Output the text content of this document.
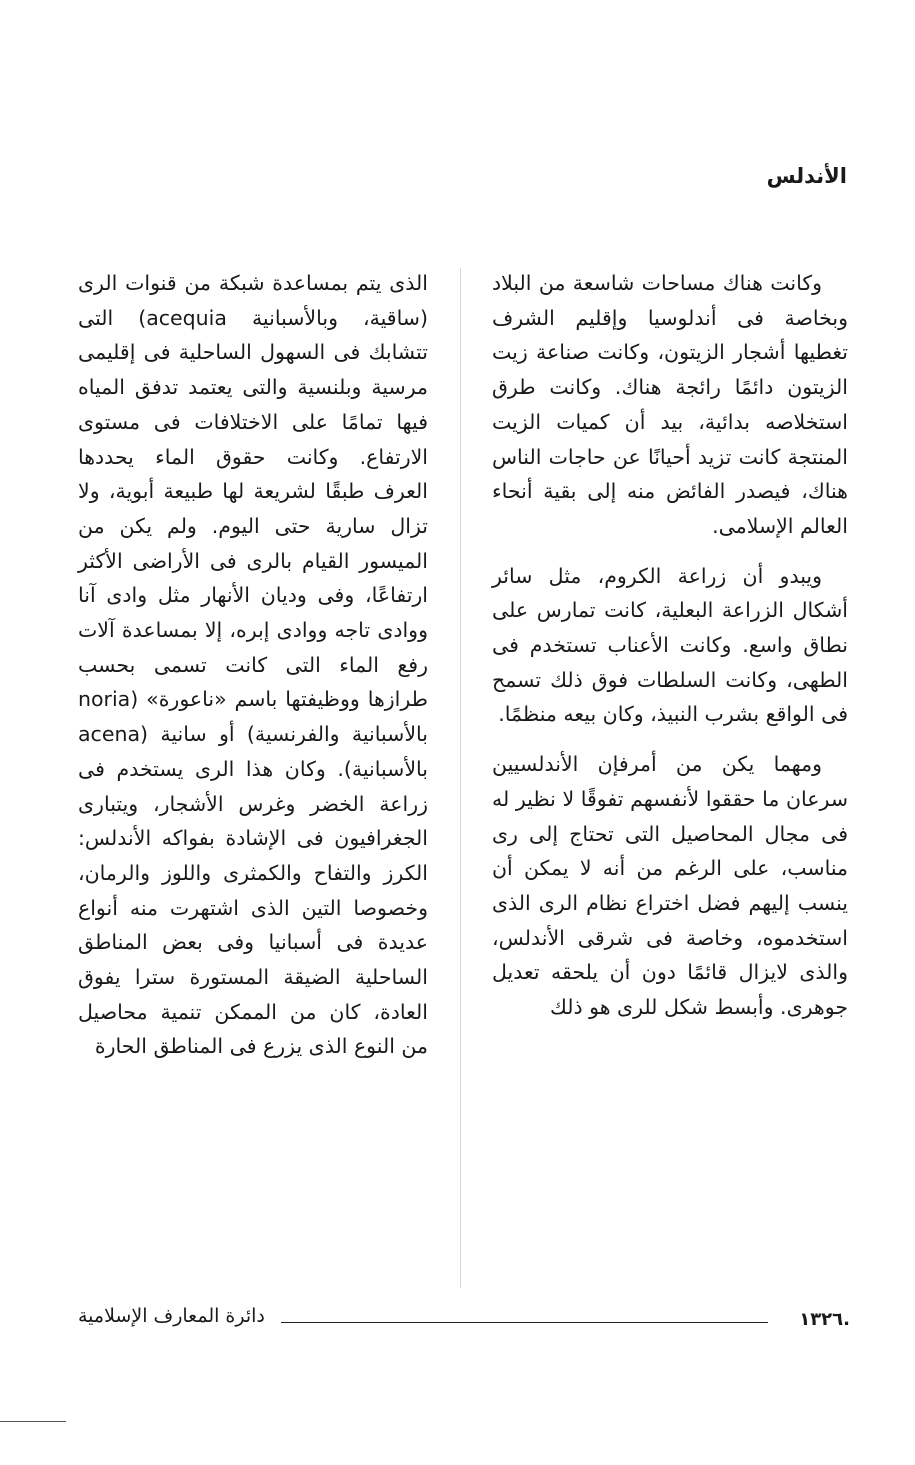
الأندلس

وكانت هناك مساحات شاسعة من البلاد وبخاصة فى أندلوسيا وإقليم الشرف تغطيها أشجار الزيتون، وكانت صناعة زيت الزيتون دائمًا رائجة هناك. وكانت طرق استخلاصه بدائية، بيد أن كميات الزيت المنتجة كانت تزيد أحيانًا عن حاجات الناس هناك، فيصدر الفائض منه إلى بقية أنحاء العالم الإسلامى.

ويبدو أن زراعة الكروم، مثل سائر أشكال الزراعة البعلية، كانت تمارس على نطاق واسع. وكانت الأعناب تستخدم فى الطهى، وكانت السلطات فوق ذلك تسمح فى الواقع بشرب النبيذ، وكان بيعه منظمًا.

ومهما يكن من أمرفإن الأندلسيين سرعان ما حققوا لأنفسهم تفوقًا لا نظير له فى مجال المحاصيل التى تحتاج إلى رى مناسب، على الرغم من أنه لا يمكن أن ينسب إليهم فضل اختراع نظام الرى الذى استخدموه، وخاصة فى شرقى الأندلس، والذى لايزال قائمًا دون أن يلحقه تعديل جوهرى. وأبسط شكل للرى هو ذلك

الذى يتم بمساعدة شبكة من قنوات الرى (ساقية، وبالأسبانية acequia) التى تتشابك فى السهول الساحلية فى إقليمى مرسية وبلنسية والتى يعتمد تدفق المياه فيها تمامًا على الاختلافات فى مستوى الارتفاع. وكانت حقوق الماء يحددها العرف طبقًا لشريعة لها طبيعة أبوية، ولا تزال سارية حتى اليوم. ولم يكن من الميسور القيام بالرى فى الأراضى الأكثر ارتفاعًا، وفى وديان الأنهار مثل وادى آنا ووادى تاجه ووادى إبره، إلا بمساعدة آلات رفع الماء التى كانت تسمى بحسب طرازها ووظيفتها باسم «ناعورة» (noria بالأسبانية والفرنسية) أو سانية (acena بالأسبانية). وكان هذا الرى يستخدم فى زراعة الخضر وغرس الأشجار، ويتبارى الجغرافيون فى الإشادة بفواكه الأندلس: الكرز والتفاح والكمثرى واللوز والرمان، وخصوصا التين الذى اشتهرت منه أنواع عديدة فى أسبانيا وفى بعض المناطق الساحلية الضيقة المستورة سترا يفوق العادة، كان من الممكن تنمية محاصيل من النوع الذى يزرع فى المناطق الحارة

.١٣٢٦
دائرة المعارف الإسلامية
